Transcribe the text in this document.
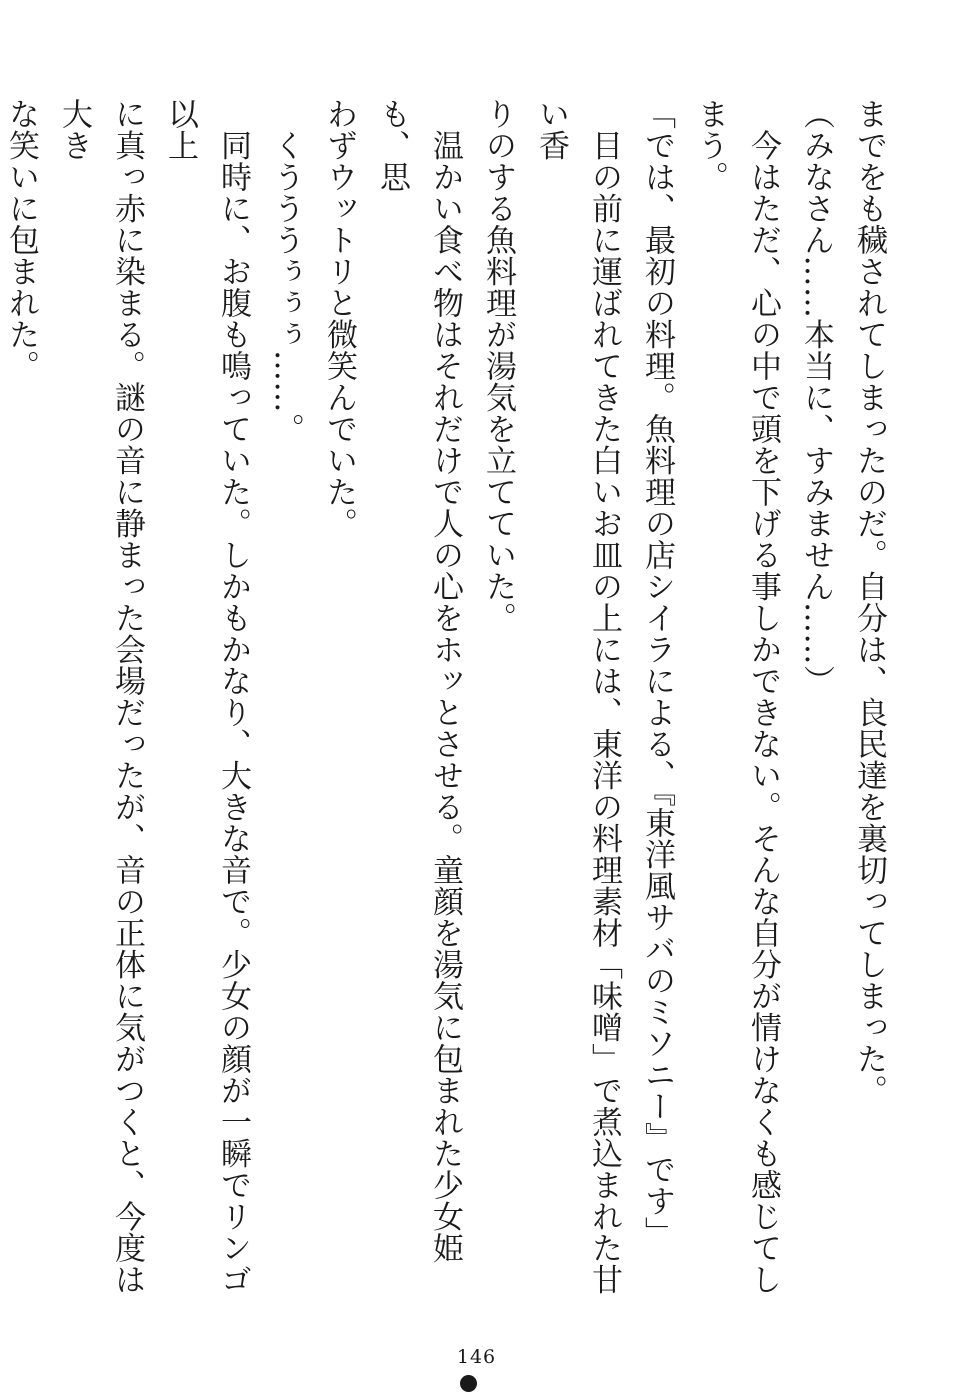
までをも穢されてしまったのだ。自分は、良民達を裏切ってしまった。

（みなさん……本当に、すみません……）

　今はただ、心の中で頭を下げる事しかできない。そんな自分が情けなくも感じてしまう。

「では、最初の料理。魚料理の店シイラによる、『東洋風サバのミソニー』です」

　目の前に運ばれてきた白いお皿の上には、東洋の料理素材「味噌」で煮込まれた甘い香

りのする魚料理が湯気を立てていた。

　温かい食べ物はそれだけで人の心をホッとさせる。童顔を湯気に包まれた少女姫も、思

わずウットリと微笑んでいた。

　くうううぅぅぅ……。

　同時に、お腹も鳴っていた。しかもかなり、大きな音で。少女の顔が一瞬でリンゴ以上

に真っ赤に染まる。謎の音に静まった会場だったが、音の正体に気がつくと、今度は大き

な笑いに包まれた。

146
